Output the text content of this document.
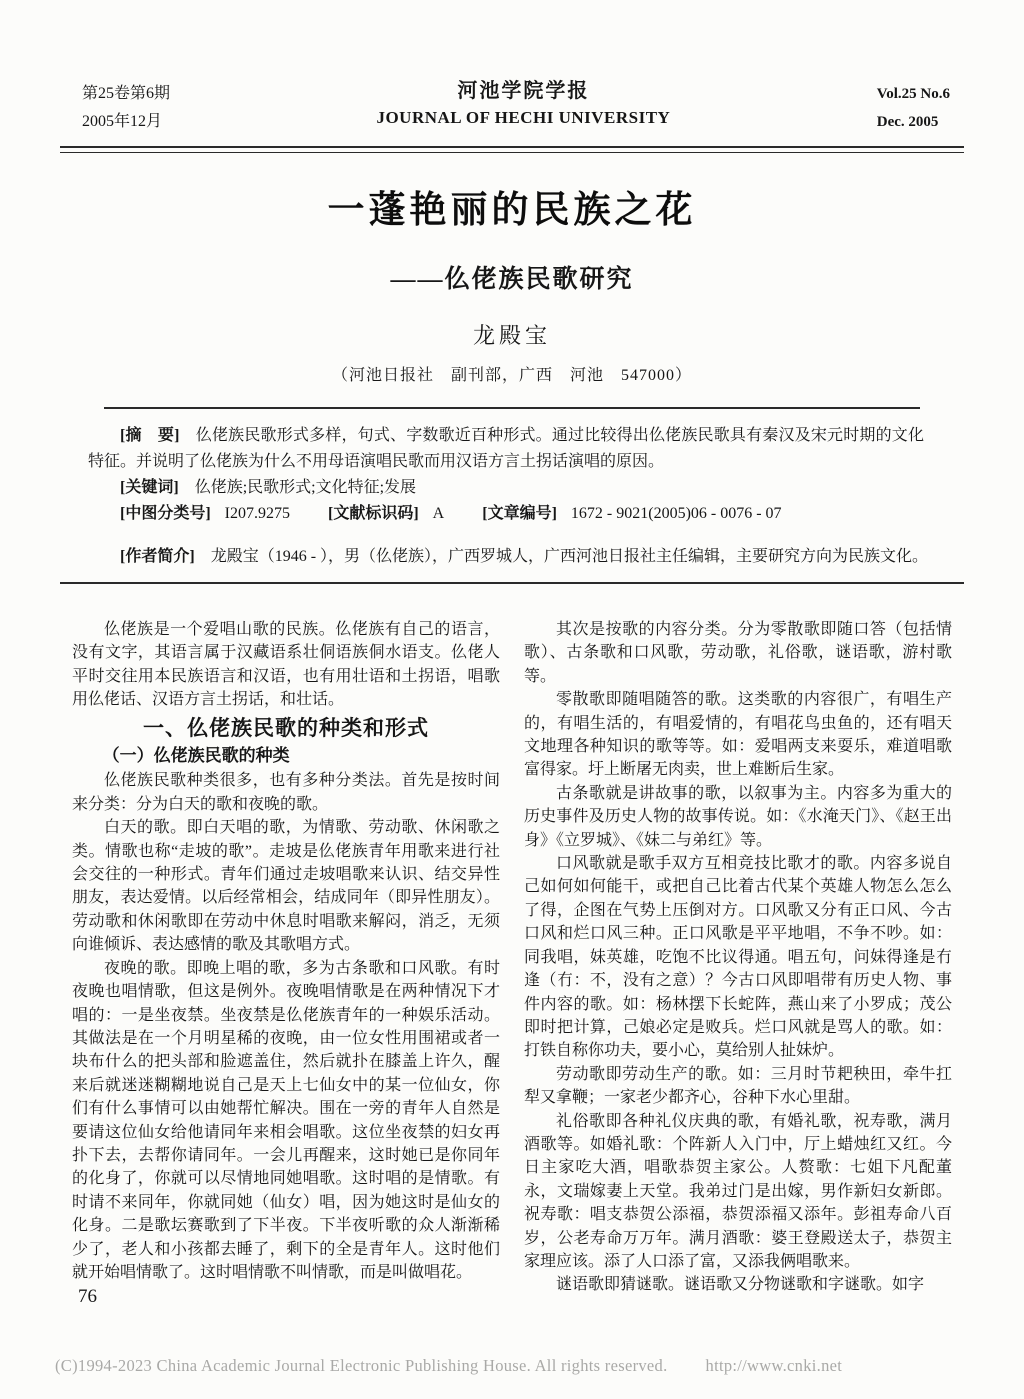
第25卷第6期
2005年12月
河池学院学报
JOURNAL OF HECHI UNIVERSITY
Vol.25 No.6
Dec. 2005
一蓬艳丽的民族之花
——仫佬族民歌研究
龙殿宝
（河池日报社　副刊部，广西　河池　547000）

[摘　要]　 仫佬族民歌形式多样，句式、字数歌近百种形式。通过比较得出仫佬族民歌具有秦汉及宋元时期的文化特征。并说明了仫佬族为什么不用母语演唱民歌而用汉语方言土拐话演唱的原因。

[关键词]　 仫佬族;民歌形式;文化特征;发展

[中图分类号] I207.9275 [文献标识码] A [文章编号] 1672 - 9021(2005)06 - 0076 - 07

[作者简介]　 龙殿宝（1946 - ），男（仫佬族），广西罗城人，广西河池日报社主任编辑，主要研究方向为民族文化。

仫佬族是一个爱唱山歌的民族。仫佬族有自己的语言，没有文字，其语言属于汉藏语系壮侗语族侗水语支。仫佬人平时交往用本民族语言和汉语，也有用壮语和土拐语，唱歌用仫佬话、汉语方言土拐话，和壮话。

一、仫佬族民歌的种类和形式
（一）仫佬族民歌的种类

仫佬族民歌种类很多，也有多种分类法。首先是按时间来分类：分为白天的歌和夜晚的歌。

白天的歌。即白天唱的歌，为情歌、劳动歌、休闲歌之类。情歌也称“走坡的歌”。走坡是仫佬族青年用歌来进行社会交往的一种形式。青年们通过走坡唱歌来认识、结交异性朋友，表达爱情。以后经常相会，结成同年（即异性朋友）。劳动歌和休闲歌即在劳动中休息时唱歌来解闷，消乏，无须向谁倾诉、表达感情的歌及其歌唱方式。

夜晚的歌。即晚上唱的歌，多为古条歌和口风歌。有时夜晚也唱情歌，但这是例外。夜晚唱情歌是在两种情况下才唱的：一是坐夜禁。坐夜禁是仫佬族青年的一种娱乐活动。其做法是在一个月明星稀的夜晚，由一位女性用围裙或者一块布什么的把头部和脸遮盖住，然后就扑在膝盖上许久，醒来后就迷迷糊糊地说自己是天上七仙女中的某一位仙女，你们有什么事情可以由她帮忙解决。围在一旁的青年人自然是要请这位仙女给他请同年来相会唱歌。这位坐夜禁的妇女再扑下去，去帮你请同年。一会儿再醒来，这时她已是你同年的化身了，你就可以尽情地同她唱歌。这时唱的是情歌。有时请不来同年，你就同她（仙女）唱，因为她这时是仙女的化身。二是歌坛赛歌到了下半夜。下半夜听歌的众人渐渐稀少了，老人和小孩都去睡了，剩下的全是青年人。这时他们就开始唱情歌了。这时唱情歌不叫情歌，而是叫做唱花。

其次是按歌的内容分类。分为零散歌即随口答（包括情歌）、古条歌和口风歌，劳动歌，礼俗歌，谜语歌，游村歌等。

零散歌即随唱随答的歌。这类歌的内容很广，有唱生产的，有唱生活的，有唱爱情的，有唱花鸟虫鱼的，还有唱天文地理各种知识的歌等等。如：爱唱两支来耍乐，难道唱歌富得家。圩上断屠无肉卖，世上难断后生家。

古条歌就是讲故事的歌，以叙事为主。内容多为重大的历史事件及历史人物的故事传说。如：《水淹天门》、《赵王出身》《立罗城》、《妹二与弟红》等。

口风歌就是歌手双方互相竞技比歌才的歌。内容多说自己如何如何能干，或把自己比着古代某个英雄人物怎么怎么了得，企图在气势上压倒对方。口风歌又分有正口风、今古口风和烂口风三种。正口风歌是平平地唱，不争不吵。如：同我唱，妹英雄，吃饱不比议得通。唱五句，问妹得逢是冇逢（冇：不，没有之意）？今古口风即唱带有历史人物、事件内容的歌。如：杨林摆下长蛇阵，燕山来了小罗成；茂公即时把计算，己娘必定是败兵。烂口风就是骂人的歌。如：打铁自称你功夫，要小心，莫给别人扯妹炉。

劳动歌即劳动生产的歌。如：三月时节耙秧田，牵牛扛犁又拿鞭；一家老少都齐心，谷种下水心里甜。

礼俗歌即各种礼仪庆典的歌，有婚礼歌，祝寿歌，满月酒歌等。如婚礼歌：个阵新人入门中，厅上蜡烛红又红。今日主家吃大酒，唱歌恭贺主家公。人赘歌：七姐下凡配董永，文瑞嫁妻上天堂。我弟过门是出嫁，男作新妇女新郎。祝寿歌：唱支恭贺公添福，恭贺添福又添年。彭祖寿命八百岁，公老寿命万万年。满月酒歌：婆王登殿送太子，恭贺主家理应该。添了人口添了富，又添我俩唱歌来。

谜语歌即猜谜歌。谜语歌又分物谜歌和字谜歌。如字

76
(C)1994-2023 China Academic Journal Electronic Publishing House. All rights reserved. http://www.cnki.net
